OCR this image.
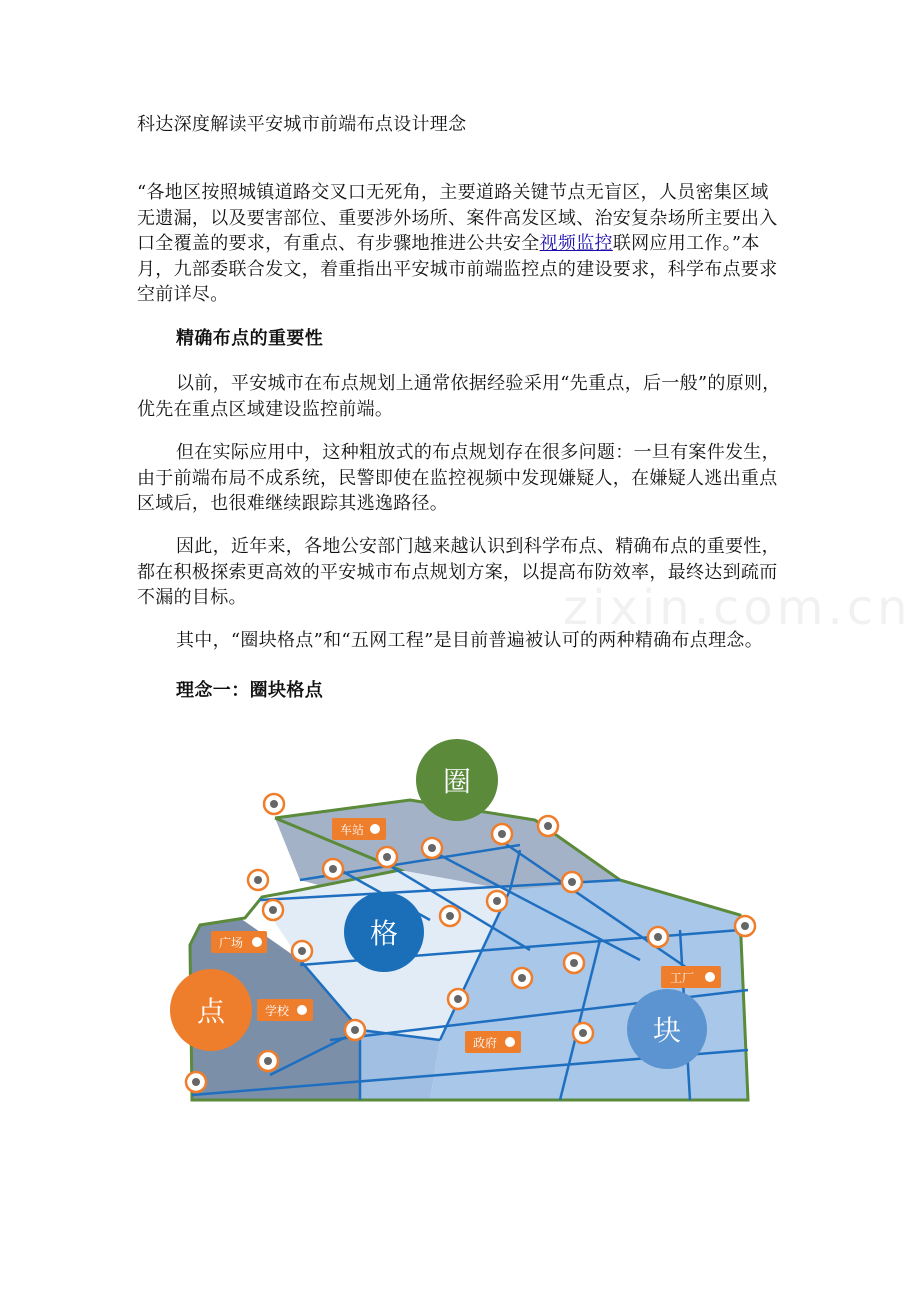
科达深度解读平安城市前端布点设计理念

“各地区按照城镇道路交叉口无死角，主要道路关键节点无盲区，人员密集区域无遗漏，以及要害部位、重要涉外场所、案件高发区域、治安复杂场所主要出入口全覆盖的要求，有重点、有步骤地推进公共安全视频监控联网应用工作。”本月，九部委联合发文，着重指出平安城市前端监控点的建设要求，科学布点要求空前详尽。

精确布点的重要性

以前，平安城市在布点规划上通常依据经验采用“先重点，后一般”的原则，优先在重点区域建设监控前端。

但在实际应用中，这种粗放式的布点规划存在很多问题：一旦有案件发生，由于前端布局不成系统，民警即使在监控视频中发现嫌疑人，在嫌疑人逃出重点区域后，也很难继续跟踪其逃逸路径。

因此，近年来，各地公安部门越来越认识到科学布点、精确布点的重要性，都在积极探索更高效的平安城市布点规划方案，以提高布防效率，最终达到疏而不漏的目标。

其中，“圈块格点”和“五网工程”是目前普遍被认可的两种精确布点理念。

理念一：圈块格点

zixin.com.cn
车站
广场
学校
工厂
政府
圈
格
点
块
